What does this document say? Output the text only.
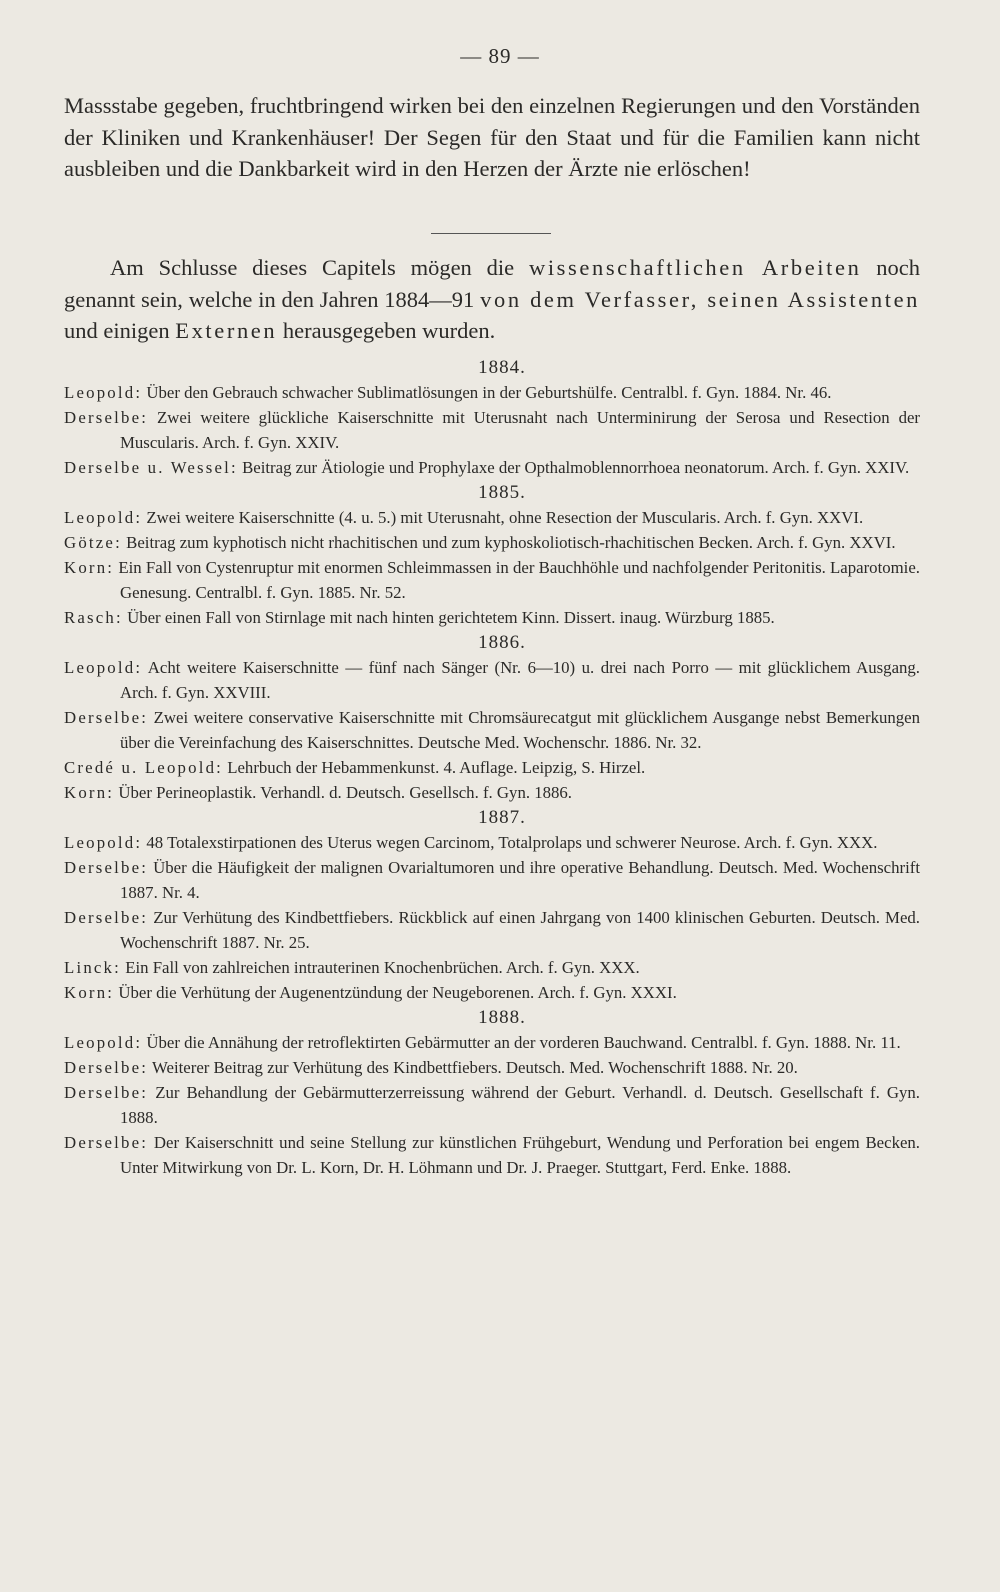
— 89 —

Massstabe gegeben, fruchtbringend wirken bei den einzelnen Regierungen und den Vorständen der Kliniken und Krankenhäuser! Der Segen für den Staat und für die Familien kann nicht ausbleiben und die Dankbarkeit wird in den Herzen der Ärzte nie erlöschen!

Am Schlusse dieses Capitels mögen die wissenschaftlichen Arbeiten noch genannt sein, welche in den Jahren 1884—91 von dem Verfasser, seinen Assistenten und einigen Externen herausgegeben wurden.

1884.
Leopold: Über den Gebrauch schwacher Sublimatlösungen in der Geburtshülfe. Centralbl. f. Gyn. 1884. Nr. 46.
Derselbe: Zwei weitere glückliche Kaiserschnitte mit Uterusnaht nach Unterminirung der Serosa und Resection der Muscularis. Arch. f. Gyn. XXIV.
Derselbe u. Wessel: Beitrag zur Ätiologie und Prophylaxe der Opthalmoblennorrhoea neonatorum. Arch. f. Gyn. XXIV.
1885.
Leopold: Zwei weitere Kaiserschnitte (4. u. 5.) mit Uterusnaht, ohne Resection der Muscularis. Arch. f. Gyn. XXVI.
Götze: Beitrag zum kyphotisch nicht rhachitischen und zum kyphoskoliotisch-rhachitischen Becken. Arch. f. Gyn. XXVI.
Korn: Ein Fall von Cystenruptur mit enormen Schleimmassen in der Bauchhöhle und nachfolgender Peritonitis. Laparotomie. Genesung. Centralbl. f. Gyn. 1885. Nr. 52.
Rasch: Über einen Fall von Stirnlage mit nach hinten gerichtetem Kinn. Dissert. inaug. Würzburg 1885.
1886.
Leopold: Acht weitere Kaiserschnitte — fünf nach Sänger (Nr. 6—10) u. drei nach Porro — mit glücklichem Ausgang. Arch. f. Gyn. XXVIII.
Derselbe: Zwei weitere conservative Kaiserschnitte mit Chromsäurecatgut mit glücklichem Ausgange nebst Bemerkungen über die Vereinfachung des Kaiserschnittes. Deutsche Med. Wochenschr. 1886. Nr. 32.
Credé u. Leopold: Lehrbuch der Hebammenkunst. 4. Auflage. Leipzig, S. Hirzel.
Korn: Über Perineoplastik. Verhandl. d. Deutsch. Gesellsch. f. Gyn. 1886.
1887.
Leopold: 48 Totalexstirpationen des Uterus wegen Carcinom, Totalprolaps und schwerer Neurose. Arch. f. Gyn. XXX.
Derselbe: Über die Häufigkeit der malignen Ovarialtumoren und ihre operative Behandlung. Deutsch. Med. Wochenschrift 1887. Nr. 4.
Derselbe: Zur Verhütung des Kindbettfiebers. Rückblick auf einen Jahrgang von 1400 klinischen Geburten. Deutsch. Med. Wochenschrift 1887. Nr. 25.
Linck: Ein Fall von zahlreichen intrauterinen Knochenbrüchen. Arch. f. Gyn. XXX.
Korn: Über die Verhütung der Augenentzündung der Neugeborenen. Arch. f. Gyn. XXXI.
1888.
Leopold: Über die Annähung der retroflektirten Gebärmutter an der vorderen Bauchwand. Centralbl. f. Gyn. 1888. Nr. 11.
Derselbe: Weiterer Beitrag zur Verhütung des Kindbettfiebers. Deutsch. Med. Wochenschrift 1888. Nr. 20.
Derselbe: Zur Behandlung der Gebärmutterzerreissung während der Geburt. Verhandl. d. Deutsch. Gesellschaft f. Gyn. 1888.
Derselbe: Der Kaiserschnitt und seine Stellung zur künstlichen Frühgeburt, Wendung und Perforation bei engem Becken. Unter Mitwirkung von Dr. L. Korn, Dr. H. Löhmann und Dr. J. Praeger. Stuttgart, Ferd. Enke. 1888.
